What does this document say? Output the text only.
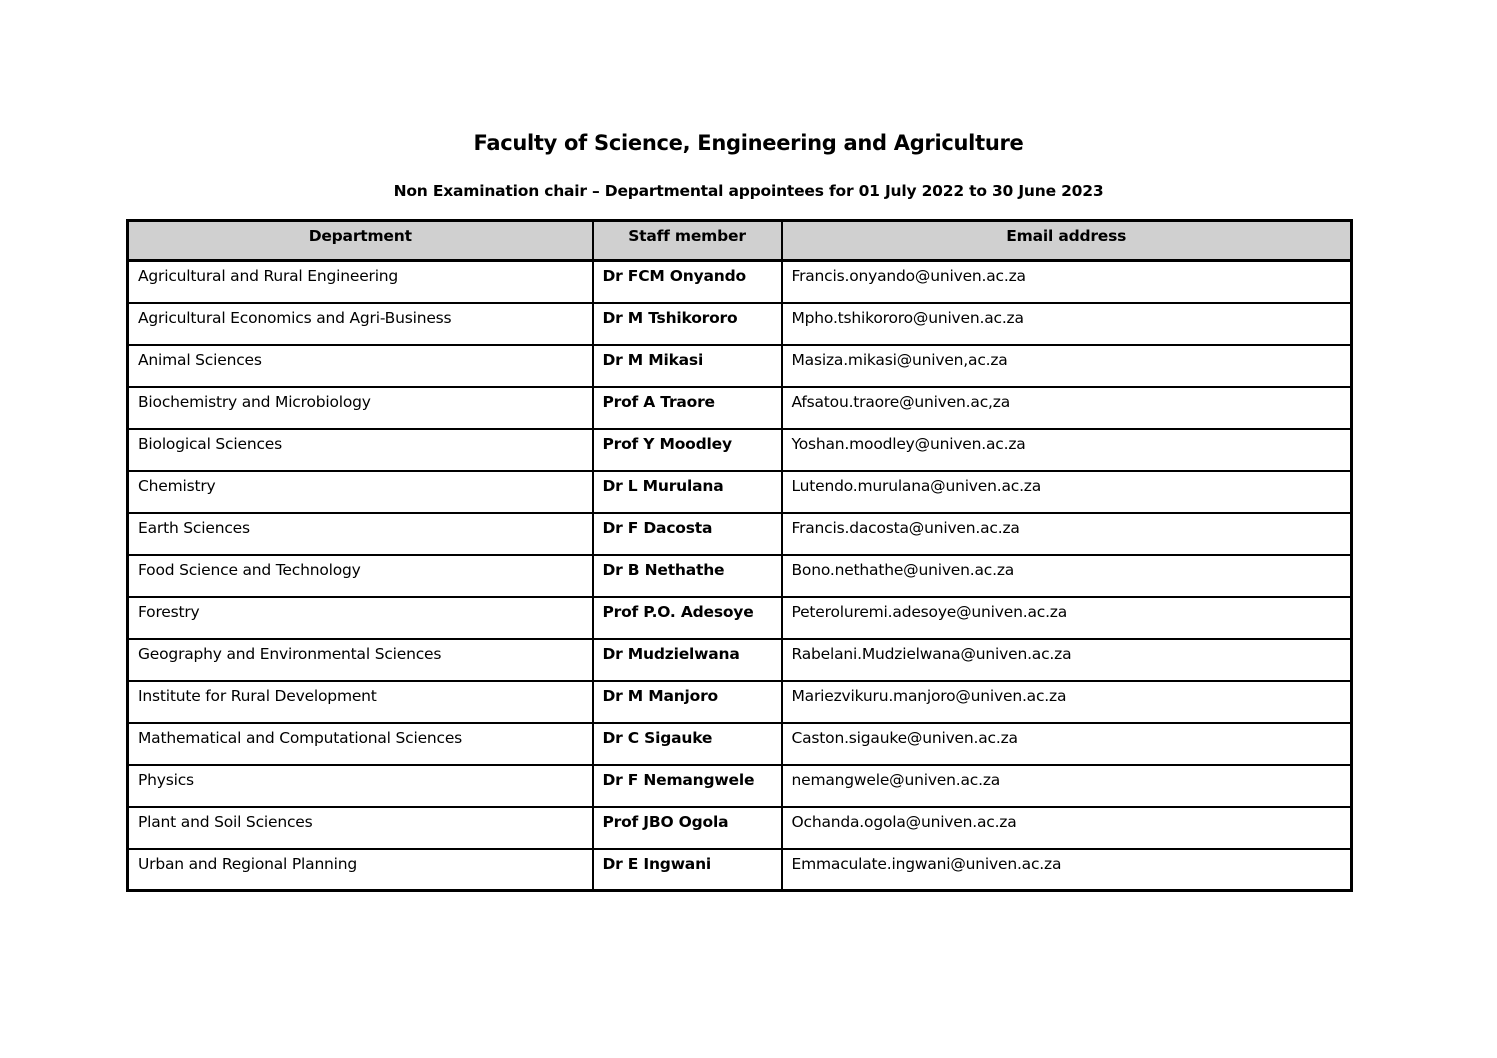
Faculty of Science, Engineering and Agriculture
Non Examination chair – Departmental appointees for 01 July 2022 to 30 June 2023
Department	Staff member	Email address
Agricultural and Rural Engineering	Dr FCM Onyando	Francis.onyando@univen.ac.za
Agricultural Economics and Agri-Business	Dr M Tshikororo	Mpho.tshikororo@univen.ac.za
Animal Sciences	Dr M Mikasi	Masiza.mikasi@univen,ac.za
Biochemistry and Microbiology	Prof A Traore	Afsatou.traore@univen.ac,za
Biological Sciences	Prof Y Moodley	Yoshan.moodley@univen.ac.za
Chemistry	Dr L Murulana	Lutendo.murulana@univen.ac.za
Earth Sciences	Dr F Dacosta	Francis.dacosta@univen.ac.za
Food Science and Technology	Dr B Nethathe	Bono.nethathe@univen.ac.za
Forestry	Prof P.O. Adesoye	Peteroluremi.adesoye@univen.ac.za
Geography and Environmental Sciences	Dr Mudzielwana	Rabelani.Mudzielwana@univen.ac.za
Institute for Rural Development	Dr M Manjoro	Mariezvikuru.manjoro@univen.ac.za
Mathematical and Computational Sciences	Dr C Sigauke	Caston.sigauke@univen.ac.za
Physics	Dr F Nemangwele	nemangwele@univen.ac.za
Plant and Soil Sciences	Prof JBO Ogola	Ochanda.ogola@univen.ac.za
Urban and Regional Planning	Dr E Ingwani	Emmaculate.ingwani@univen.ac.za
